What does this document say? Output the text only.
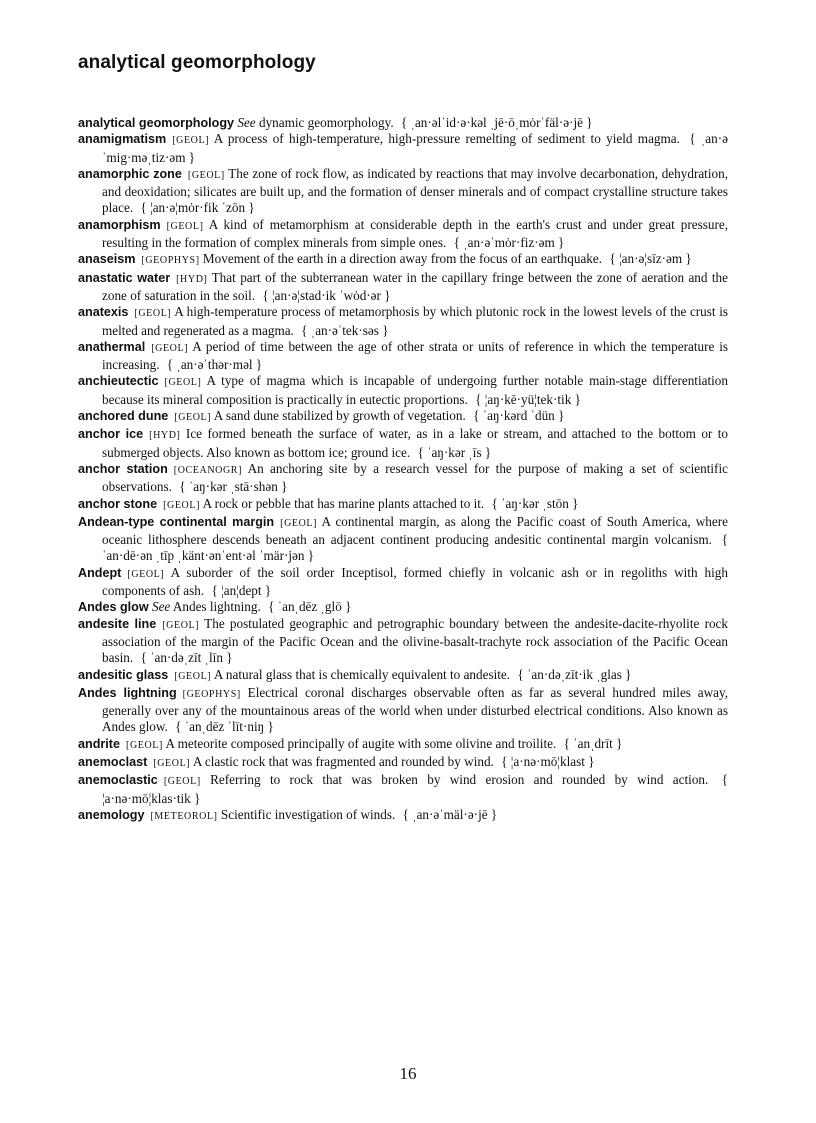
analytical geomorphology

analytical geomorphology See dynamic geomorphology. { ˌan·əlˈid·ə·kəl ˌjē·ōˌmȯrˈfäl·ə·jē }

anamigmatism [ GEOL ] A process of high-temperature, high-pressure remelting of sediment to yield magma. { ˌan·əˈmig·məˌtiz·əm }

anamorphic zone [ GEOL ] The zone of rock flow, as indicated by reactions that may involve decarbonation, dehydration, and deoxidation; silicates are built up, and the formation of denser minerals and of compact crystalline structure takes place. { ¦an·ə¦mȯr·fik ˈzōn }

anamorphism [ GEOL ] A kind of metamorphism at considerable depth in the earth's crust and under great pressure, resulting in the formation of complex minerals from simple ones. { ˌan·əˈmȯr·fiz·əm }

anaseism [ GEOPHYS ] Movement of the earth in a direction away from the focus of an earthquake. { ¦an·ə¦sīz·əm }

anastatic water [ HYD ] That part of the subterranean water in the capillary fringe between the zone of aeration and the zone of saturation in the soil. { ¦an·ə¦stad·ik ˈwȯd·ər }

anatexis [ GEOL ] A high-temperature process of metamorphosis by which plutonic rock in the lowest levels of the crust is melted and regenerated as a magma. { ˌan·əˈtek·səs }

anathermal [ GEOL ] A period of time between the age of other strata or units of reference in which the temperature is increasing. { ˌan·əˈthər·məl }

anchieutectic [ GEOL ] A type of magma which is incapable of undergoing further notable main-stage differentiation because its mineral composition is practically in eutectic proportions. { ¦aŋ·kē·yü¦tek·tik }

anchored dune [ GEOL ] A sand dune stabilized by growth of vegetation. { ˈaŋ·kərd ˈdün }

anchor ice [ HYD ] Ice formed beneath the surface of water, as in a lake or stream, and attached to the bottom or to submerged objects. Also known as bottom ice; ground ice. { ˈaŋ·kər ˌīs }

anchor station [ OCEANOGR ] An anchoring site by a research vessel for the purpose of making a set of scientific observations. { ˈaŋ·kər ˌstā·shən }

anchor stone [ GEOL ] A rock or pebble that has marine plants attached to it. { ˈaŋ·kər ˌstōn }

Andean-type continental margin [ GEOL ] A continental margin, as along the Pacific coast of South America, where oceanic lithosphere descends beneath an adjacent continent producing andesitic continental margin volcanism. { ˈan·dē·ən ˌtīp ˌkänt·ənˈent·əl ˈmär·jən }

Andept [ GEOL ] A suborder of the soil order Inceptisol, formed chiefly in volcanic ash or in regoliths with high components of ash. { ¦an¦dept }

Andes glow See Andes lightning. { ˈanˌdēz ˌglō }

andesite line [ GEOL ] The postulated geographic and petrographic boundary between the andesite-dacite-rhyolite rock association of the margin of the Pacific Ocean and the olivine-basalt-trachyte rock association of the Pacific Ocean basin. { ˈan·dəˌzīt ˌlīn }

andesitic glass [ GEOL ] A natural glass that is chemically equivalent to andesite. { ˈan·dəˌzīt·ik ˌglas }

Andes lightning [ GEOPHYS ] Electrical coronal discharges observable often as far as several hundred miles away, generally over any of the mountainous areas of the world when under disturbed electrical conditions. Also known as Andes glow. { ˈanˌdēz ˈlīt·niŋ }

andrite [ GEOL ] A meteorite composed principally of augite with some olivine and troilite. { ˈanˌdrīt }

anemoclast [ GEOL ] A clastic rock that was fragmented and rounded by wind. { ¦a·nə·mō¦klast }

anemoclastic [ GEOL ] Referring to rock that was broken by wind erosion and rounded by wind action. { ¦a·nə·mō¦klas·tik }

anemology [ METEOROL ] Scientific investigation of winds. { ˌan·əˈmäl·ə·jē }

16
